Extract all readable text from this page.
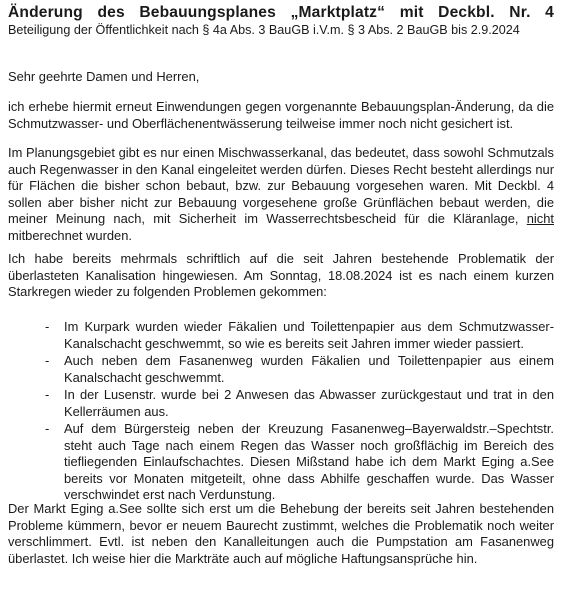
Änderung des Bebauungsplanes „Marktplatz“ mit Deckbl. Nr. 4
Beteiligung der Öffentlichkeit nach § 4a Abs. 3 BauGB i.V.m. § 3 Abs. 2 BauGB bis 2.9.2024
Sehr geehrte Damen und Herren,
ich erhebe hiermit erneut Einwendungen gegen vorgenannte Bebauungsplan-Änderung, da die Schmutzwasser- und Oberflächenentwässerung teilweise immer noch nicht gesichert ist.
Im Planungsgebiet gibt es nur einen Mischwasserkanal, das bedeutet, dass sowohl Schmutzals auch Regenwasser in den Kanal eingeleitet werden dürfen. Dieses Recht besteht allerdings nur für Flächen die bisher schon bebaut, bzw. zur Bebauung vorgesehen waren. Mit Deckbl. 4 sollen aber bisher nicht zur Bebauung vorgesehene große Grünflächen bebaut werden, die meiner Meinung nach, mit Sicherheit im Wasserrechtsbescheid für die Kläranlage, nicht mitberechnet wurden.
Ich habe bereits mehrmals schriftlich auf die seit Jahren bestehende Problematik der überlasteten Kanalisation hingewiesen. Am Sonntag, 18.08.2024 ist es nach einem kurzen Starkregen wieder zu folgenden Problemen gekommen:
- Im Kurpark wurden wieder Fäkalien und Toilettenpapier aus dem Schmutzwasser-Kanalschacht geschwemmt, so wie es bereits seit Jahren immer wieder passiert.
- Auch neben dem Fasanenweg wurden Fäkalien und Toilettenpapier aus einem Kanalschacht geschwemmt.
- In der Lusenstr. wurde bei 2 Anwesen das Abwasser zurückgestaut und trat in den Kellerräumen aus.
- Auf dem Bürgersteig neben der Kreuzung Fasanenweg–Bayerwaldstr.–Spechtstr. steht auch Tage nach einem Regen das Wasser noch großflächig im Bereich des tiefliegenden Einlaufschachtes. Diesen Mißstand habe ich dem Markt Eging a.See bereits vor Monaten mitgeteilt, ohne dass Abhilfe geschaffen wurde. Das Wasser verschwindet erst nach Verdunstung.
Der Markt Eging a.See sollte sich erst um die Behebung der bereits seit Jahren bestehenden Probleme kümmern, bevor er neuem Baurecht zustimmt, welches die Problematik noch weiter verschlimmert. Evtl. ist neben den Kanalleitungen auch die Pumpstation am Fasanenweg überlastet. Ich weise hier die Markträte auch auf mögliche Haftungsansprüche hin.
